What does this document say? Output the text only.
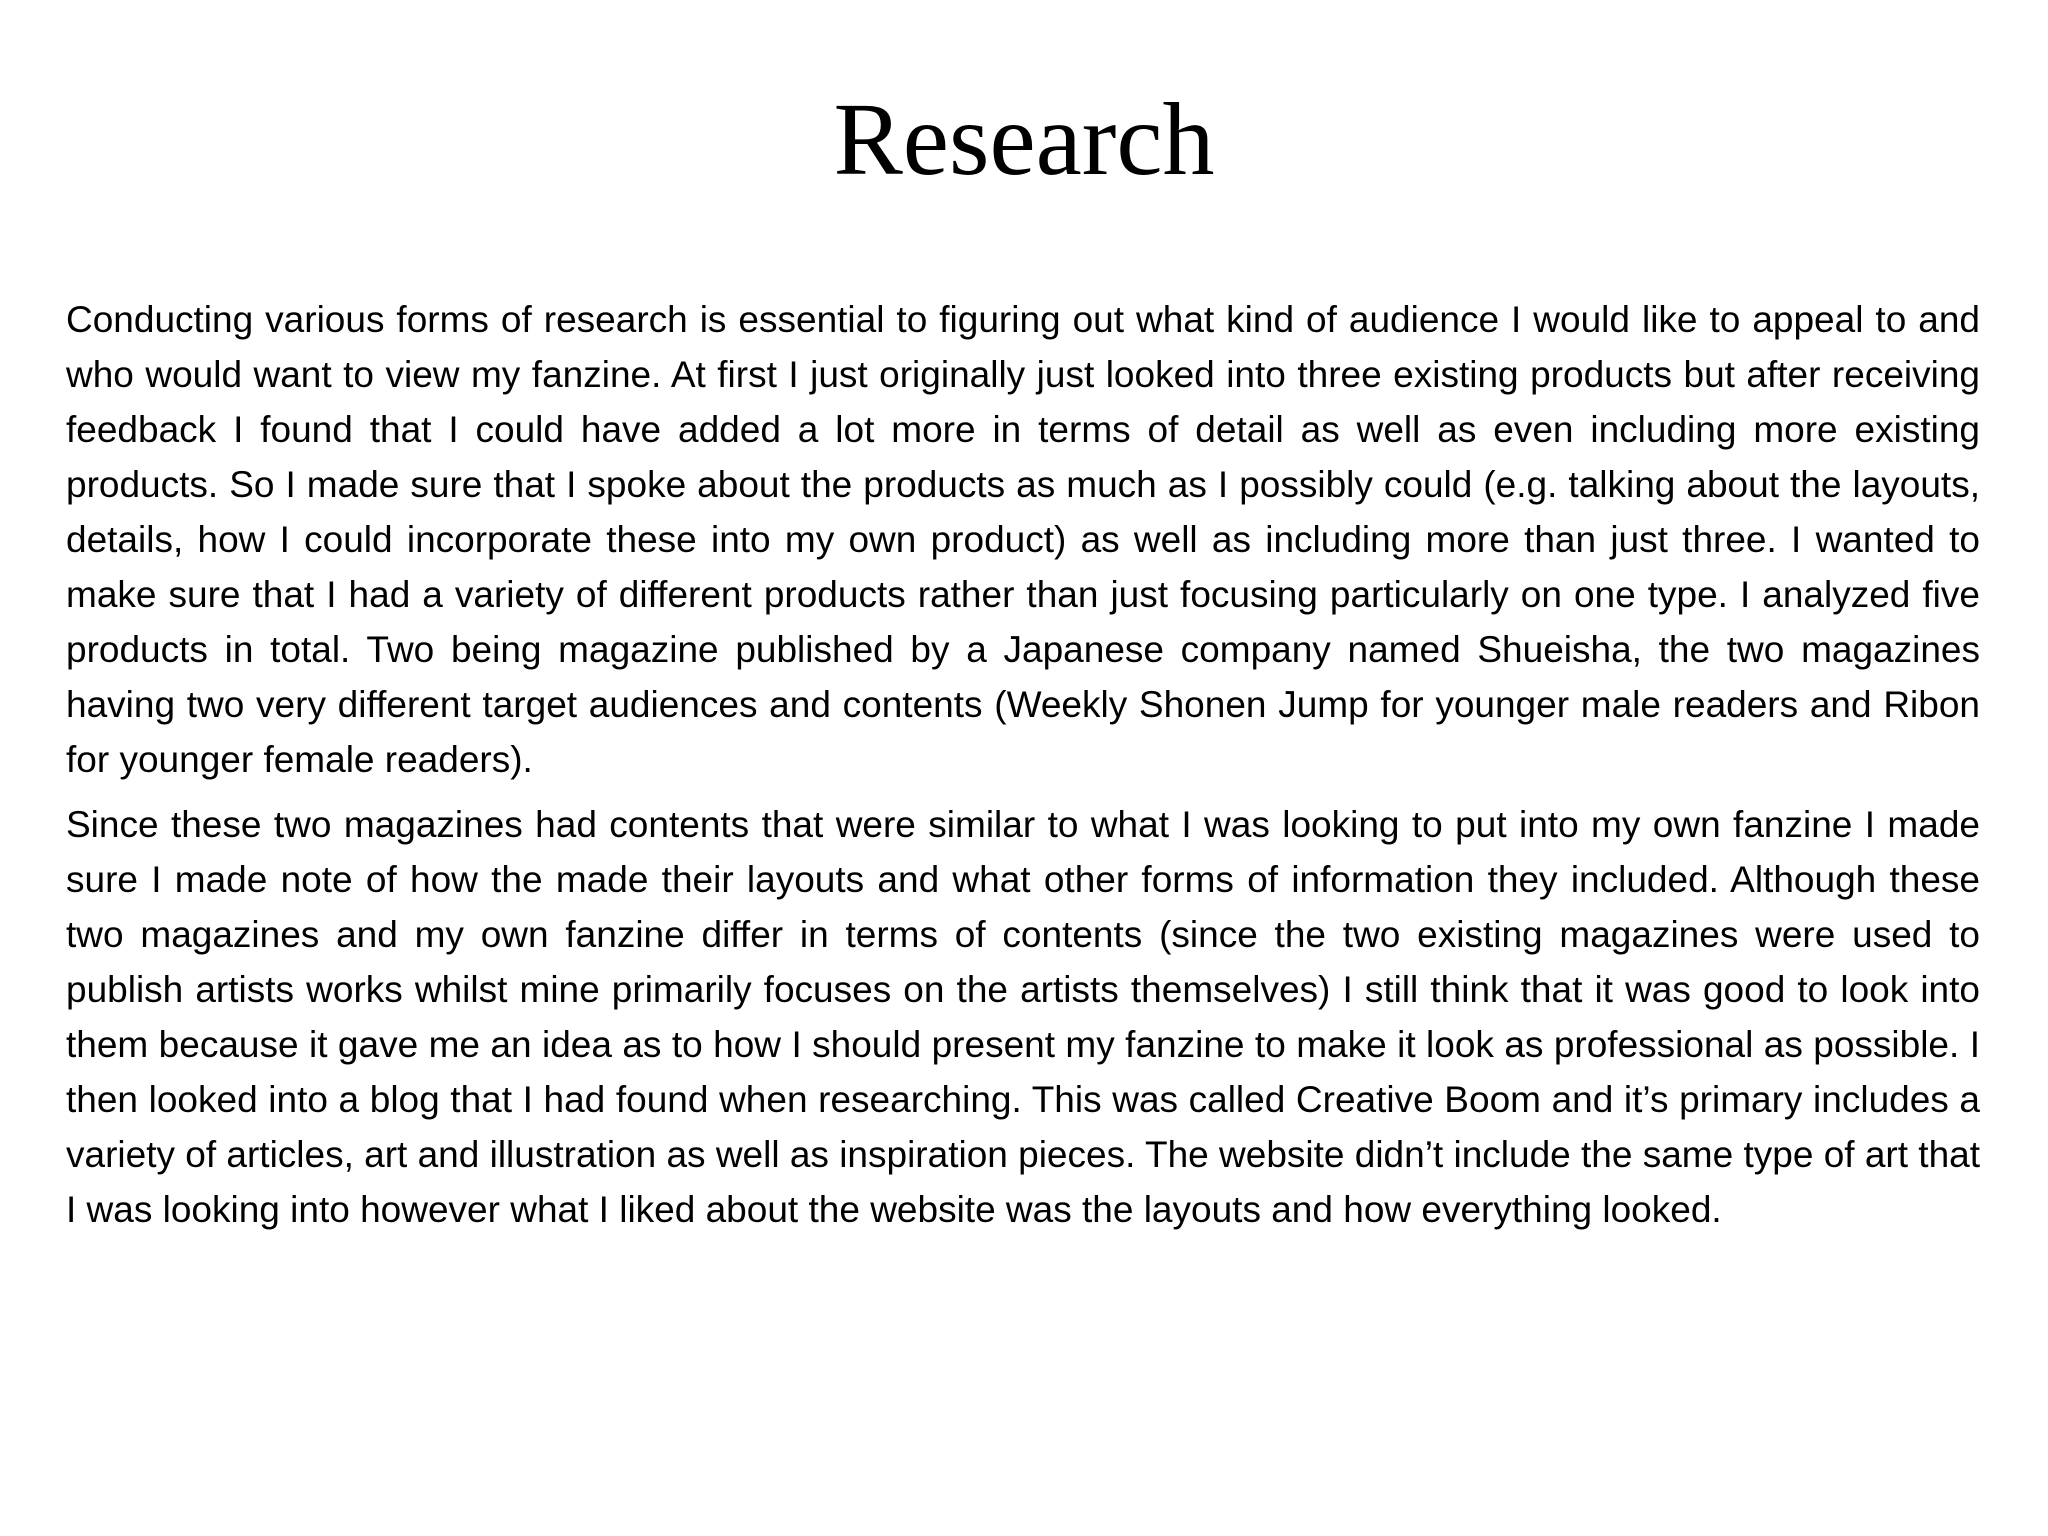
Research

Conducting various forms of research is essential to figuring out what kind of audience I would like to appeal to and who would want to view my fanzine. At first I just originally just looked into three existing products but after receiving feedback I found that I could have added a lot more in terms of detail as well as even including more existing products. So I made sure that I spoke about the products as much as I possibly could (e.g. talking about the layouts, details, how I could incorporate these into my own product) as well as including more than just three. I wanted to make sure that I had a variety of different products rather than just focusing particularly on one type. I analyzed five products in total. Two being magazine published by a Japanese company named Shueisha, the two magazines having two very different target audiences and contents (Weekly Shonen Jump for younger male readers and Ribon for younger female readers).

Since these two magazines had contents that were similar to what I was looking to put into my own fanzine I made sure I made note of how the made their layouts and what other forms of information they included. Although these two magazines and my own fanzine differ in terms of contents (since the two existing magazines were used to publish artists works whilst mine primarily focuses on the artists themselves) I still think that it was good to look into them because it gave me an idea as to how I should present my fanzine to make it look as professional as possible. I then looked into a blog that I had found when researching. This was called Creative Boom and it’s primary includes a variety of articles, art and illustration as well as inspiration pieces. The website didn’t include the same type of art that I was looking into however what I liked about the website was the layouts and how everything looked.
